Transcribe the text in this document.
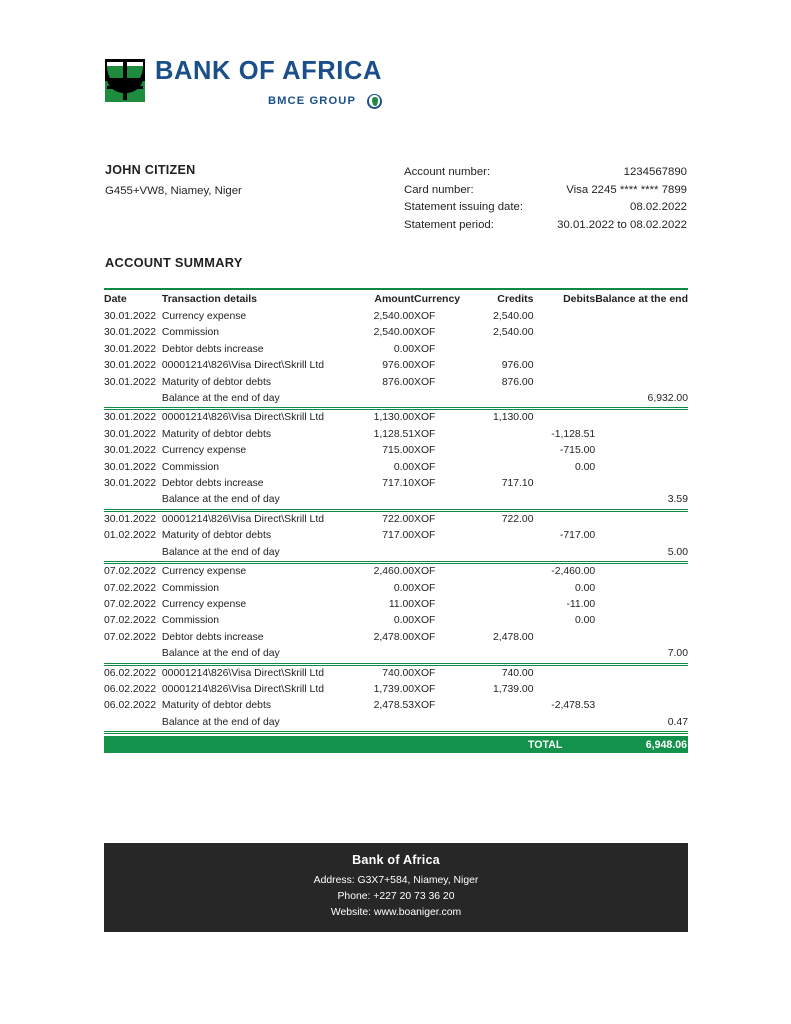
BANK OF AFRICA
BMCE GROUP
JOHN CITIZEN
G455+VW8, Niamey, Niger
Account number:	1234567890
Card number:	Visa 2245 **** **** 7899
Statement issuing date:	08.02.2022
Statement period:	30.01.2022 to 08.02.2022
ACCOUNT SUMMARY
Date	Transaction details	Amount	Currency	Credits	Debits	Balance at the end
30.01.2022	Currency expense	2,540.00	XOF	2,540.00		
30.01.2022	Commission	2,540.00	XOF	2,540.00		
30.01.2022	Debtor debts increase	0.00	XOF			
30.01.2022	00001214\826\Visa Direct\Skrill Ltd	976.00	XOF	976.00		
30.01.2022	Maturity of debtor debts	876.00	XOF	876.00		
	Balance at the end of day					6,932.00

30.01.2022	00001214\826\Visa Direct\Skrill Ltd	1,130.00	XOF	1,130.00		
30.01.2022	Maturity of debtor debts	1,128.51	XOF		-1,128.51	
30.01.2022	Currency expense	715.00	XOF		-715.00	
30.01.2022	Commission	0.00	XOF		0.00	
30.01.2022	Debtor debts increase	717.10	XOF	717.10		
	Balance at the end of day					3.59

30.01.2022	00001214\826\Visa Direct\Skrill Ltd	722.00	XOF	722.00		
01.02.2022	Maturity of debtor debts	717.00	XOF		-717.00	
	Balance at the end of day					5.00

07.02.2022	Currency expense	2,460.00	XOF		-2,460.00	
07.02.2022	Commission	0.00	XOF		0.00	
07.02.2022	Currency expense	11.00	XOF		-11.00	
07.02.2022	Commission	0.00	XOF		0.00	
07.02.2022	Debtor debts increase	2,478.00	XOF	2,478.00		
	Balance at the end of day					7.00

06.02.2022	00001214\826\Visa Direct\Skrill Ltd	740.00	XOF	740.00		
06.02.2022	00001214\826\Visa Direct\Skrill Ltd	1,739.00	XOF	1,739.00		
06.02.2022	Maturity of debtor debts	2,478.53	XOF		-2,478.53	
	Balance at the end of day					0.47

TOTAL	6,948.06
Bank of Africa
Address: G3X7+584, Niamey, Niger
Phone: +227 20 73 36 20
Website: www.boaniger.com
